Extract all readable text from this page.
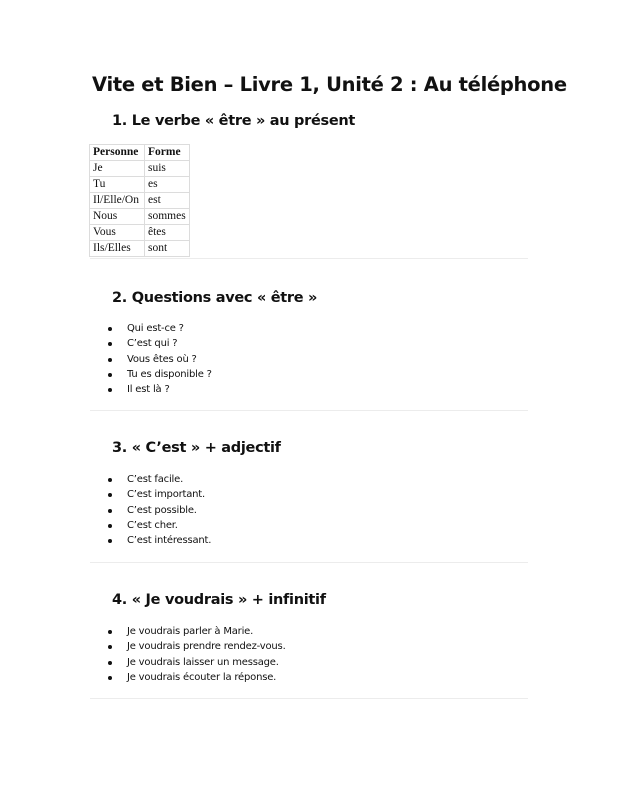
Vite et Bien – Livre 1, Unité 2 : Au téléphone
1. Le verbe « être » au présent
Personne	Forme
Je	suis
Tu	es
Il/Elle/On	est
Nous	sommes
Vous	êtes
Ils/Elles	sont
2. Questions avec « être »
Qui est-ce ?
C’est qui ?
Vous êtes où ?
Tu es disponible ?
Il est là ?
3. « C’est » + adjectif
C’est facile.
C’est important.
C’est possible.
C’est cher.
C’est intéressant.
4. « Je voudrais » + infinitif
Je voudrais parler à Marie.
Je voudrais prendre rendez-vous.
Je voudrais laisser un message.
Je voudrais écouter la réponse.
